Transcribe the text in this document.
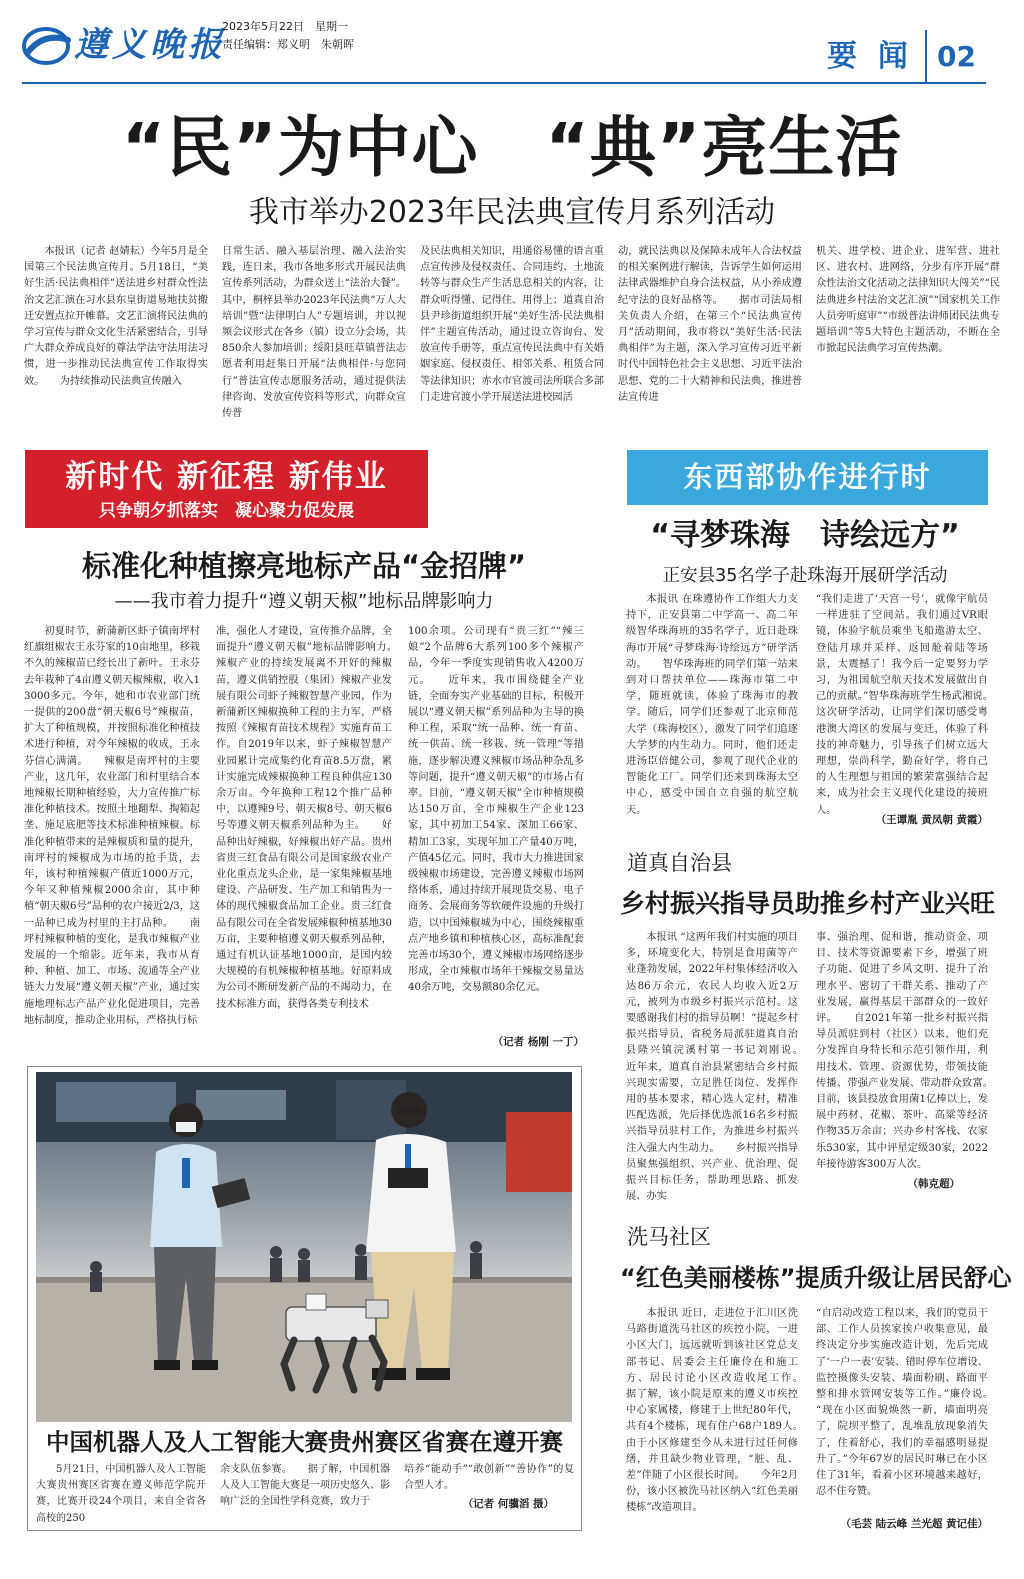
遵义晚报
2023年5月22日　 星期一
责任编辑：郑义明　朱朝晖	要  闻 02
“民”为中心　“典”亮生活
我市举办2023年民法典宣传月系列活动

本报讯（记者 赵婧耘）今年5月是全国第三个民法典宣传月。5月18日，“美好生活·民法典相伴”送法进乡村群众性法治文艺汇演在习水县东皇街道易地扶贫搬迁安置点拉开帷幕。文艺汇演将民法典的学习宣传与群众文化生活紧密结合，引导广大群众养成良好的尊法学法守法用法习惯，进一步推动民法典宣传工作取得实效。　　为持续推动民法典宣传融入

日常生活、融入基层治理、融入法治实践，连日来，我市各地多形式开展民法典宣传系列活动，为群众送上“法治大餐”。其中，桐梓县举办2023年民法典“万人大培训”暨“法律明白人”专题培训，并以视频会议形式在各乡（镇）设立分会场，共850余人参加培训；绥阳县旺草镇普法志愿者利用赶集日开展“法典相伴·与您同行”普法宣传志愿服务活动，通过提供法律咨询、发放宣传资料等形式，向群众宣传普

及民法典相关知识，用通俗易懂的语言重点宣传涉及侵权责任、合同违约、土地流转等与群众生产生活息息相关的内容，让群众听得懂、记得住、用得上；道真自治县尹珍街道组织开展“美好生活·民法典相伴”主题宣传活动，通过设立咨询台、发放宣传手册等，重点宣传民法典中有关婚姻家庭、侵权责任、相邻关系、租赁合同等法律知识；赤水市官渡司法所联合多部门走进官渡小学开展送法进校园活

动，就民法典以及保障未成年人合法权益的相关案例进行解读，告诉学生如何运用法律武器维护自身合法权益，从小养成遵纪守法的良好品格等。　　据市司法局相关负责人介绍，在第三个“民法典宣传月”活动期间，我市将以“美好生活·民法典相伴”为主题，深入学习宣传习近平新时代中国特色社会主义思想、习近平法治思想、党的二十大精神和民法典，推进普法宣传进

机关、进学校、进企业、进军营、进社区、进农村、进网络，分步有序开展“群众性法治文化活动之法律知识大闯关”“民法典进乡村法治文艺汇演”“国家机关工作人员旁听庭审”“市级普法讲师团民法典专题培训”等5大特色主题活动，不断在全市掀起民法典学习宣传热潮。

新时代 新征程 新伟业
只争朝夕抓落实　凝心聚力促发展
标准化种植擦亮地标产品“金招牌”
——我市着力提升“遵义朝天椒”地标品牌影响力

初夏时节，新蒲新区虾子镇南坪村红旗组椒农王永芬家的10亩地里，移栽不久的辣椒苗已经长出了新叶。王永芬去年栽种了4亩遵义朝天椒辣椒，收入13000多元。今年，她和市农业部门统一提供的200盘“朝天椒6号”辣椒苗，扩大了种植规模，并按照标准化种植技术进行种植，对今年辣椒的收成，王永芬信心满满。　　辣椒是南坪村的主要产业，这几年，农业部门和村里结合本地辣椒长期种植经验，大力宣传推广标准化种植技术。按照土地翻犁、掏箱起垄、施足底肥等技术标准种植辣椒。标准化种植带来的是辣椒质和量的提升，南坪村的辣椒成为市场的抢手货，去年，该村种植辣椒产值近1000万元，今年又种植辣椒2000余亩，其中种植“朝天椒6号”品种的农户接近2/3，这一品种已成为村里的主打品种。　　南坪村辣椒种植的变化，是我市辣椒产业发展的一个缩影。近年来，我市从育种、种植、加工、市场、流通等全产业链大力发展“遵义朝天椒”产业，通过实施地理标志产品产业化促进项目，完善地标制度，推动企业用标，严格执行标

准，强化人才建设，宣传推介品牌，全面提升“遵义朝天椒”地标品牌影响力。　　辣椒产业的持续发展离不开好的辣椒苗，遵义供销控股（集团）辣椒产业发展有限公司虾子辣椒智慧产业园，作为新蒲新区辣椒换种工程的主力军，严格按照《辣椒育苗技术规程》实施育苗工作。自2019年以来，虾子辣椒智慧产业园累计完成集约化育苗8.5万盘，累计实施完成辣椒换种工程良种供应130余万亩。今年换种工程12个推广品种中，以遵辣9号、朝天椒8号、朝天椒6号等遵义朝天椒系列品种为主。　　好品种出好辣椒，好辣椒出好产品。贵州省贵三红食品有限公司是国家级农业产业化重点龙头企业，是一家集辣椒基地建设、产品研发、生产加工和销售为一体的现代辣椒食品加工企业。贵三红食品有限公司在全省发展辣椒种植基地30万亩，主要种植遵义朝天椒系列品种，通过有机认证基地1000亩，是国内较大规模的有机辣椒种植基地。好原料成为公司不断研发新产品的不竭动力，在技术标准方面，获得各类专利技术

100余项。公司现有“贵三红”“辣三娘”2个品牌6大系列100多个辣椒产品，今年一季度实现销售收入4200万元。　　近年来，我市围绕健全产业链，全面夯实产业基础的目标，积极开展以“遵义朝天椒”系列品种为主导的换种工程，采取“统一品种、统一育苗、统一供苗、统一移栽、统一管理”等措施，逐步解决遵义辣椒市场品种杂乱多等问题，提升“遵义朝天椒”的市场占有率。目前，“遵义朝天椒”全市种植规模达150万亩，全市辣椒生产企业123家，其中初加工54家、深加工66家、精加工3家，实现年加工产量40万吨，产值45亿元。同时，我市大力推进国家级辣椒市场建设，完善遵义辣椒市场网络体系，通过持续开展现货交易、电子商务、会展商务等软硬件设施的升级打造，以中国辣椒城为中心，围绕辣椒重点产地乡镇和种植核心区，高标准配套完善市场30个，遵义辣椒市场网络逐步形成，全市辣椒市场年干辣椒交易量达40余万吨，交易额80余亿元。

（记者 杨刚 一丁）
中国机器人及人工智能大赛贵州赛区省赛在遵开赛

5月21日，中国机器人及人工智能大赛贵州赛区省赛在遵义师范学院开赛，比赛开设24个项目，来自全省各高校的250

余支队伍参赛。　　据了解，中国机器人及人工智能大赛是一项历史悠久、影响广泛的全国性学科竞赛，致力于

培养“能动手”“敢创新”“善协作”的复合型人才。

（记者 何骥滔 摄）
东西部协作进行时
“寻梦珠海　诗绘远方”
正安县35名学子赴珠海开展研学活动

本报讯 在珠遵协作工作组大力支持下，正安县第二中学高一、高二年级智华珠海班的35名学子，近日赴珠海市开展“寻梦珠海·诗绘远方”研学活动。　　智华珠海班的同学们第一站来到对口帮扶单位——珠海市第二中学，随班就读，体验了珠海市的教学。随后，同学们还参观了北京师范大学（珠海校区），激发了同学们追逐大学梦的内生动力。同时，他们还走进汤臣倍健公司，参观了现代企业的智能化工厂。同学们还来到珠海太空中心，感受中国自立自强的航空航天。

“我们走进了‘天宫一号’，就像宇航员一样进驻了空间站。我们通过VR眼镜，体验宇航员乘坐飞船遨游太空、登陆月球并采样、返回舱着陆等场景，太震撼了！我今后一定要努力学习，为祖国航空航天技术发展做出自己的贡献。”智华珠海班学生杨武湘说。　　这次研学活动，让同学们深切感受粤港澳大湾区的发展与变迁，体验了科技的神奇魅力，引导孩子们树立远大理想，崇尚科学，勤奋好学，将自己的人生理想与祖国的繁荣富强结合起来，成为社会主义现代化建设的接班人。

（王谭胤 黄凤朝 黄霞）
道真自治县
乡村振兴指导员助推乡村产业兴旺

本报讯 “这两年我们村实施的项目多，环境变化大，特别是食用菌等产业蓬勃发展，2022年村集体经济收入达86万余元，农民人均收入近2万元，被列为市级乡村振兴示范村。这要感谢我们村的指导员啊！”提起乡村振兴指导员，省税务局派驻道真自治县隆兴镇浣溪村第一书记刘刚说。　　近年来，道真自治县紧密结合乡村振兴现实需要，立足胜任岗位、发挥作用的基本要求，精心选人定村，精准匹配选派，先后择优选派16名乡村振兴指导员驻村工作，为推进乡村振兴注入强大内生动力。　　乡村振兴指导员聚焦强组织、兴产业、优治理、促振兴目标任务，帮助理思路、抓发展、办实

事、强治理、促和谐，推动资金、项目、技术等资源要素下乡，增强了班子功能、促进了乡风文明、提升了治理水平、密切了干群关系、推动了产业发展，赢得基层干部群众的一致好评。　　自2021年第一批乡村振兴指导员派驻到村（社区）以来，他们充分发挥自身特长和示范引领作用，利用技术、管理、资源优势，带领技能传播、带强产业发展、带动群众致富。　　目前，该县投放食用菌1亿棒以上，发展中药材、花椒、茶叶、高粱等经济作物35万余亩；兴办乡村客栈、农家乐530家，其中评星定级30家，2022年接待游客300万人次。

（韩克超）
洗马社区
“红色美丽楼栋”提质升级让居民舒心

本报讯 近日，走进位于汇川区洗马路街道洗马社区的疾控小院，一进小区大门，远远就听到该社区党总支部书记、居委会主任廉伶在和施工方、居民讨论小区改造收尾工作。　　据了解，该小院是原来的遵义市疾控中心家属楼，修建于上世纪80年代，共有4个楼栋，现有住户68户189人。　　由于小区修建至今从未进行过任何修缮，并且缺少物业管理，“脏、乱、差”伴随了小区很长时间。　　今年2月份，该小区被洗马社区纳入“红色美丽楼栋”改造项目。

“自启动改造工程以来，我们的党员干部、工作人员挨家挨户收集意见，最终决定分步实施改造计划，先后完成了‘一户一表’安装、错时停车位增设、监控摄像头安装、墙面粉刷、路面平整和排水管网安装等工作。”廉伶说。　　“现在小区面貌焕然一新，墙面明亮了，院坝平整了，乱堆乱放现象消失了，住着舒心，我们的幸福感明显提升了。”今年67岁的居民时琳已在小区住了31年，看着小区环境越来越好，忍不住夸赞。

（毛芸 陆云峰 兰光超 黄记佳）
